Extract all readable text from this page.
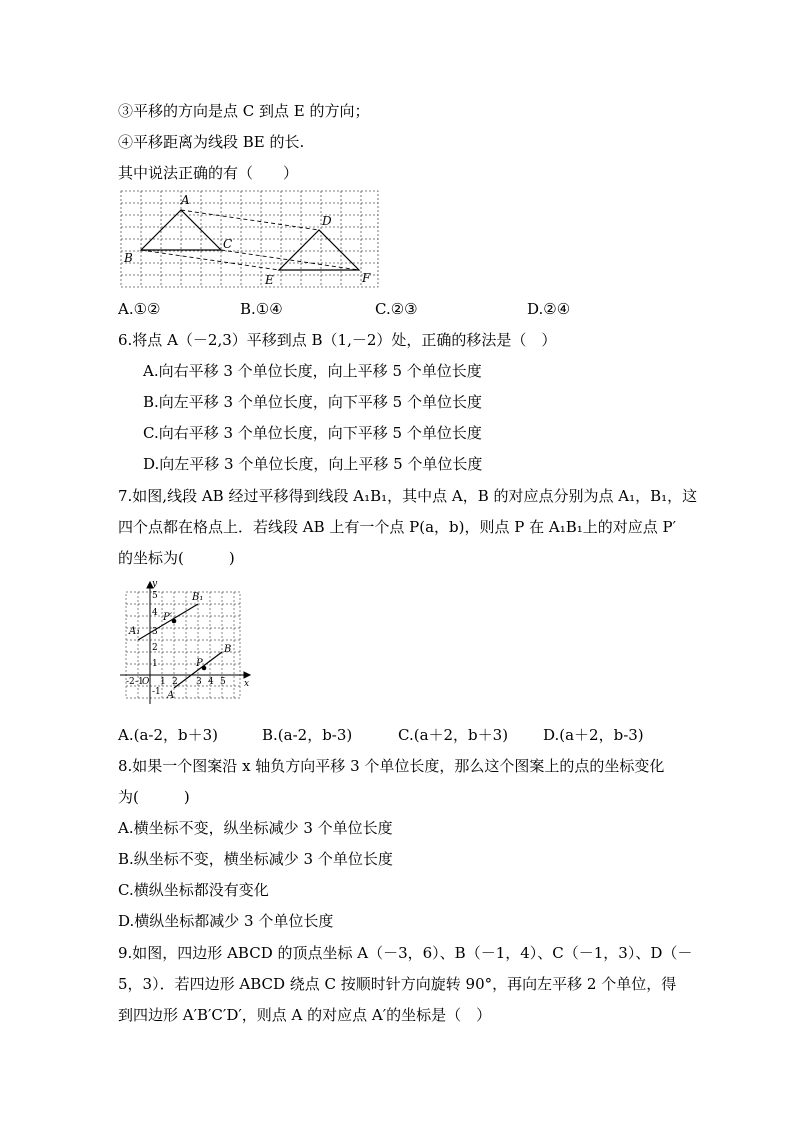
③平移的方向是点 C 到点 E 的方向；
④平移距离为线段 BE 的长.
其中说法正确的有（　　）
A
B
C
D
E	F
A.①②	B.①④	C.②③	D.②④
6.将点 A（－2,3）平移到点 B（1,－2）处，正确的移法是（　）
A.向右平移 3 个单位长度，向上平移 5 个单位长度
B.向左平移 3 个单位长度，向下平移 5 个单位长度
C.向右平移 3 个单位长度，向下平移 5 个单位长度
D.向左平移 3 个单位长度，向上平移 5 个单位长度
7.如图,线段 AB 经过平移得到线段 A₁B₁，其中点 A，B 的对应点分别为点 A₁，B₁，这
四个点都在格点上．若线段 AB 上有一个点 P(a，b)，则点 P 在 A₁B₁上的对应点 P′
的坐标为(　　　)
y
x
O
5
4
3
2
1
-1
-2 -1 1 2 3 4 5
B₁
A₁
P′
P
B
A
A.(a-2，b＋3)	B.(a-2，b-3)	C.(a＋2，b＋3) D.(a＋2，b-3)
8.如果一个图案沿 x 轴负方向平移 3 个单位长度，那么这个图案上的点的坐标变化
为(　　　)
A.横坐标不变，纵坐标减少 3 个单位长度
B.纵坐标不变，横坐标减少 3 个单位长度
C.横纵坐标都没有变化
D.横纵坐标都减少 3 个单位长度
9.如图，四边形 ABCD 的顶点坐标 A（－3，6）、B（－1，4）、C（－1，3）、D（－
5，3）．若四边形 ABCD 绕点 C 按顺时针方向旋转 90°，再向左平移 2 个单位，得
到四边形 A′B′C′D′，则点 A 的对应点 A′的坐标是（　）
